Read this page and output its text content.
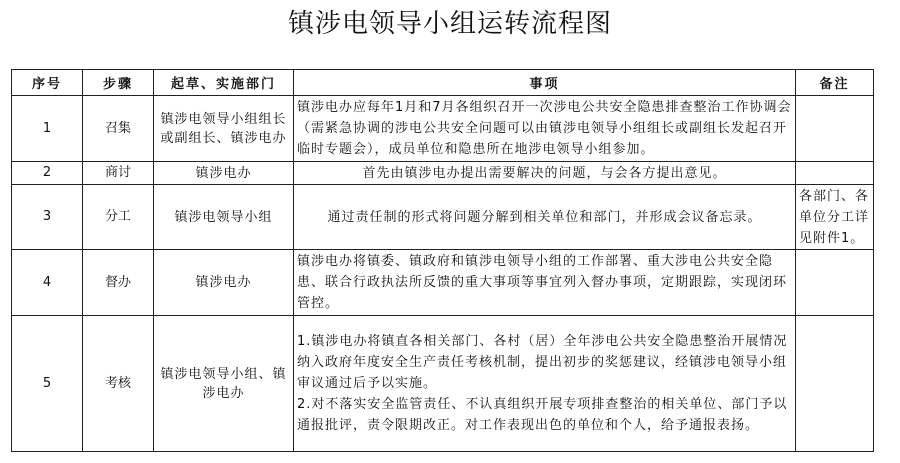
镇涉电领导小组运转流程图
序号	步骤	起草、实施部门	事项	备注
1	召集	镇涉电领导小组组长或副组长、镇涉电办	镇涉电办应每年1月和7月各组织召开一次涉电公共安全隐患排查整治工作协调会（需紧急协调的涉电公共安全问题可以由镇涉电领导小组组长或副组长发起召开临时专题会），成员单位和隐患所在地涉电领导小组参加。	

2	商讨	镇涉电办	首先由镇涉电办提出需要解决的问题，与会各方提出意见。	

3	分工	镇涉电领导小组	通过责任制的形式将问题分解到相关单位和部门，并形成会议备忘录。	各部门、各单位分工详见附件1。
4	督办	镇涉电办	镇涉电办将镇委、镇政府和镇涉电领导小组的工作部署、重大涉电公共安全隐患、联合行政执法所反馈的重大事项等事宜列入督办事项，定期跟踪，实现闭环管控。	

5	考核	镇涉电领导小组、镇涉电办	1.镇涉电办将镇直各相关部门、各村（居）全年涉电公共安全隐患整治开展情况纳入政府年度安全生产责任考核机制，提出初步的奖惩建议，经镇涉电领导小组审议通过后予以实施。
2.对不落实安全监管责任、不认真组织开展专项排查整治的相关单位、部门予以通报批评，责令限期改正。对工作表现出色的单位和个人，给予通报表扬。	
